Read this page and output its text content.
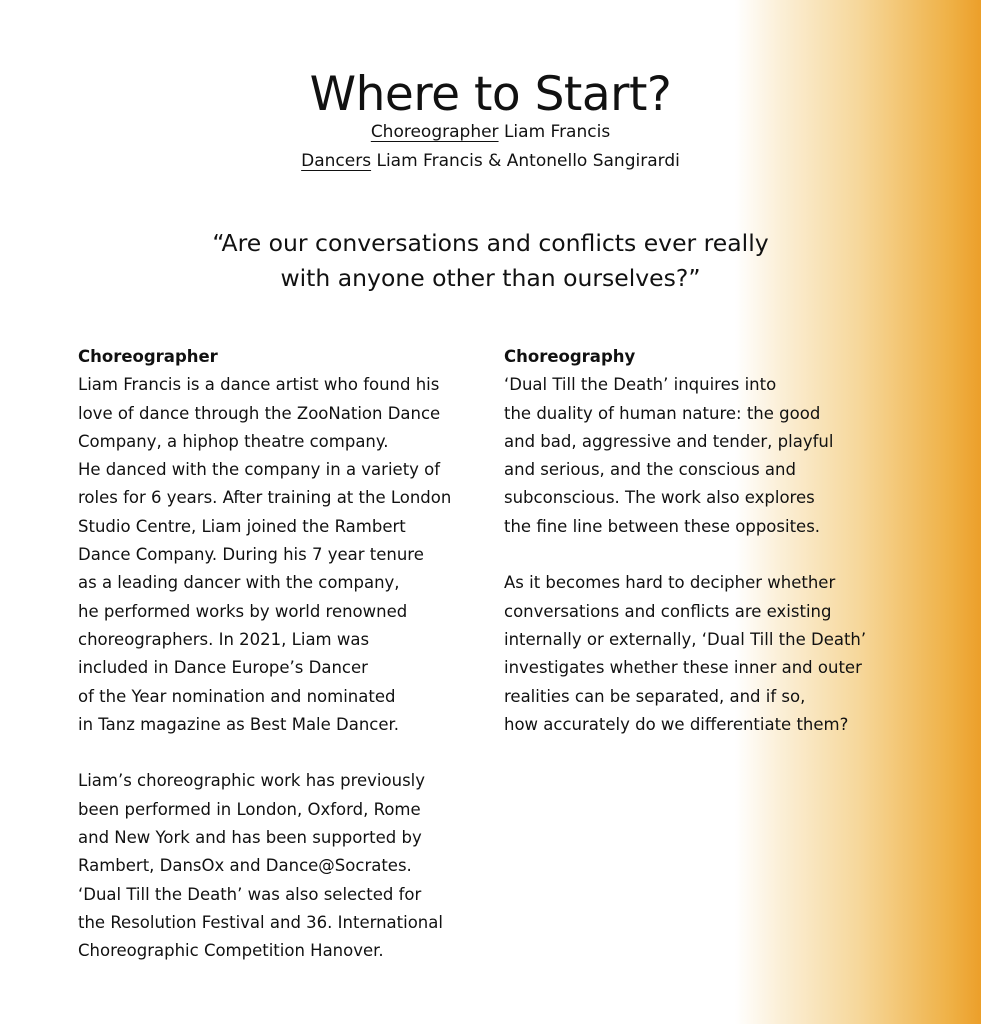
Where to Start?
Choreographer Liam Francis
Dancers Liam Francis & Antonello Sangirardi
“Are our conversations and conflicts ever really
with anyone other than ourselves?”
Choreographer
Liam Francis is a dance artist who found his
love of dance through the ZooNation Dance
Company, a hiphop theatre company.
He danced with the company in a variety of
roles for 6 years. After training at the London
Studio Centre, Liam joined the Rambert
Dance Company. During his 7 year tenure
as a leading dancer with the company,
he performed works by world renowned
choreographers. In 2021, Liam was
included in Dance Europe’s Dancer
of the Year nomination and nominated
in Tanz magazine as Best Male Dancer.
Liam’s choreographic work has previously
been performed in London, Oxford, Rome
and New York and has been supported by
Rambert, DansOx and Dance@Socrates.
‘Dual Till the Death’ was also selected for
the Resolution Festival and 36. International
Choreographic Competition Hanover.
Choreography
‘Dual Till the Death’ inquires into
the duality of human nature: the good
and bad, aggressive and tender, playful
and serious, and the conscious and
subconscious. The work also explores
the fine line between these opposites.
As it becomes hard to decipher whether
conversations and conflicts are existing
internally or externally, ‘Dual Till the Death’
investigates whether these inner and outer
realities can be separated, and if so,
how accurately do we differentiate them?
